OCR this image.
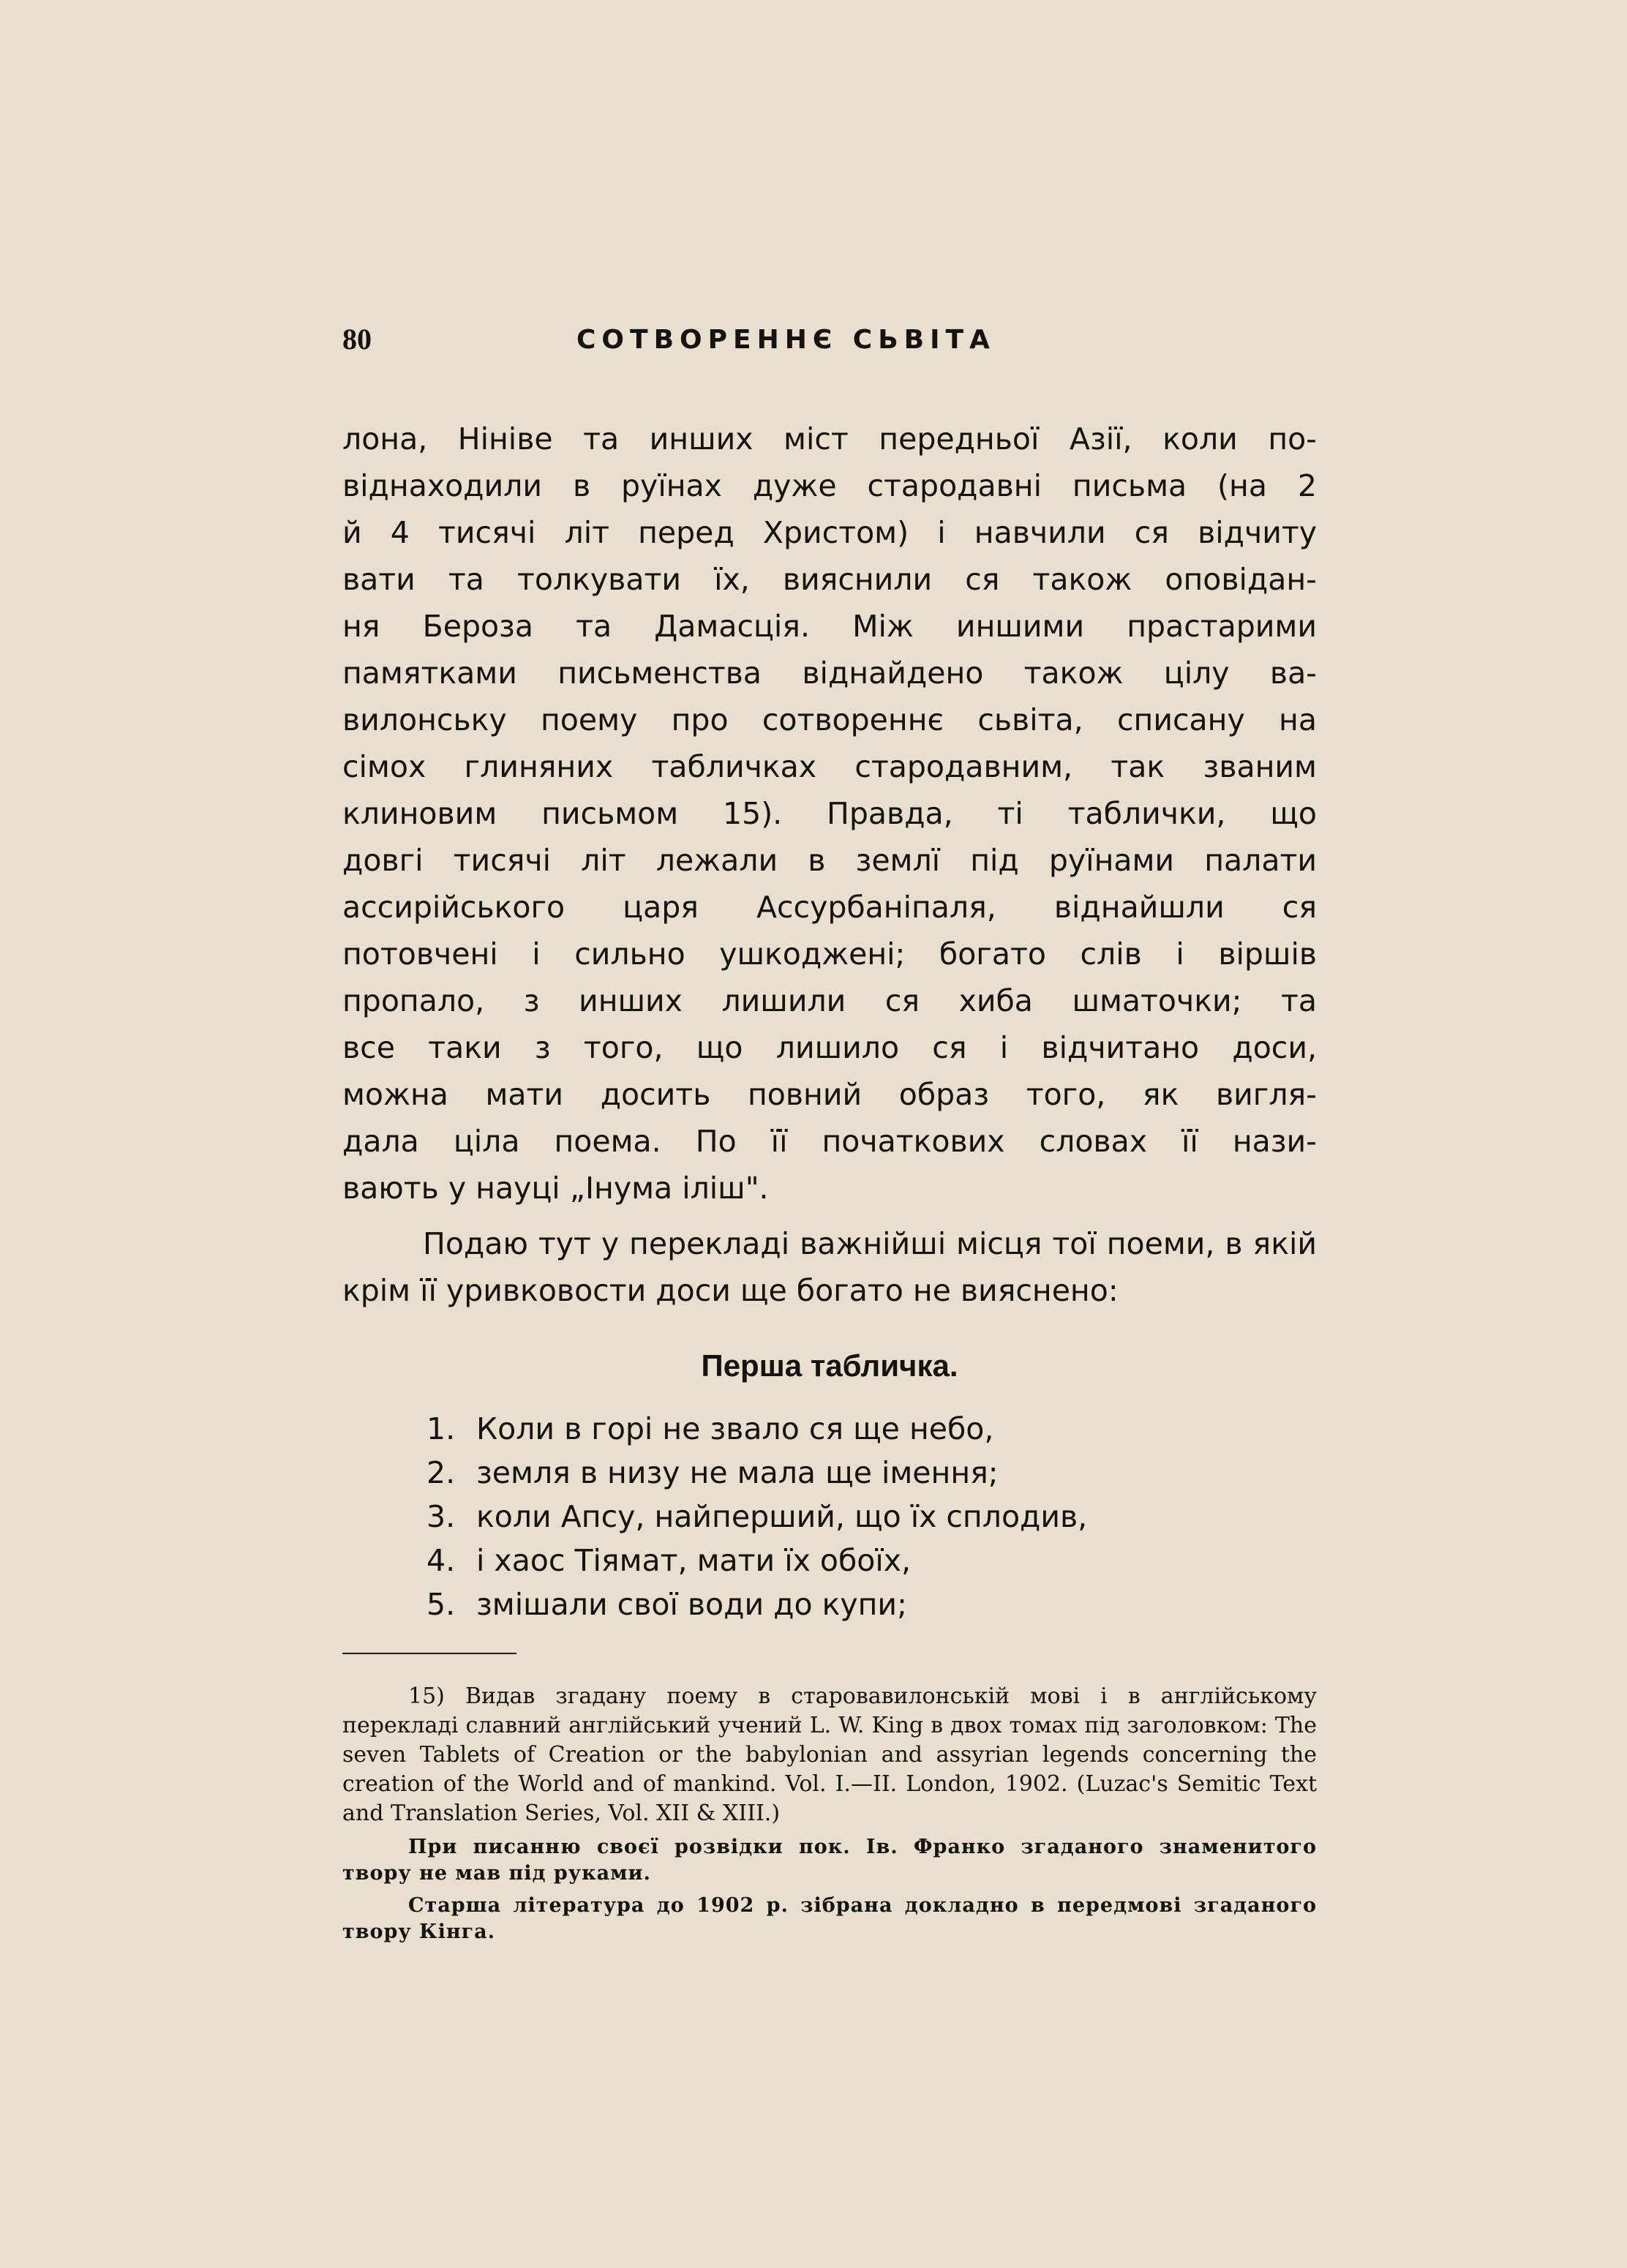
80	СОТВОРЕННЄ СЬВІТА

лона, Нініве та инших міст передньої Азії, коли по-

віднаходили в руїнах дуже стародавні письма (на 2

й 4 тисячі літ перед Христом) і навчили ся відчиту

вати та толкувати їх, вияснили ся також оповідан-

ня Бероза та Дамасція. Між иншими прастарими

памятками письменства віднайдено також цілу ва-

вилонську поему про сотвореннє сьвіта, списану на

сімох глиняних табличках стародавним, так званим

клиновим письмом 15). Правда, ті таблички, що

довгі тисячі літ лежали в землї під руїнами палати

ассирійського царя Ассурбаніпаля, віднайшли ся

потовчені і сильно ушкоджені; богато слів і віршів

пропало, з инших лишили ся хиба шматочки; та

все таки з того, що лишило ся і відчитано доси,

можна мати досить повний образ того, як вигля-

дала ціла поема. По її початкових словах її нази-

вають у науці „Інума іліш".

Подаю тут у перекладі важнійші місця тої поеми, в якій крім її уривковости доси ще богато не вияснено:

Перша табличка.
1. Коли в горі не звало ся ще небо,
2. земля в низу не мала ще імення;
3. коли Апсу, найперший, що їх сплодив,
4. і хаос Тіямат, мати їх обоїх,
5. змішали свої води до купи;

15) Видав згадану поему в старовавилонській мові і в англійському перекладі славний англійський учений L. W. King в двох томах під заголовком: The seven Tablets of Creation or the babylonian and assyrian legends concerning the creation of the World and of mankind. Vol. I.—II. London, 1902. (Luzac's Semitic Text and Translation Series, Vol. XII & XIII.)

При писанню своєї розвідки пок. Ів. Франко згаданого знаменитого твору не мав під руками.

Старша література до 1902 р. зібрана докладно в передмові згаданого твору Кінга.
